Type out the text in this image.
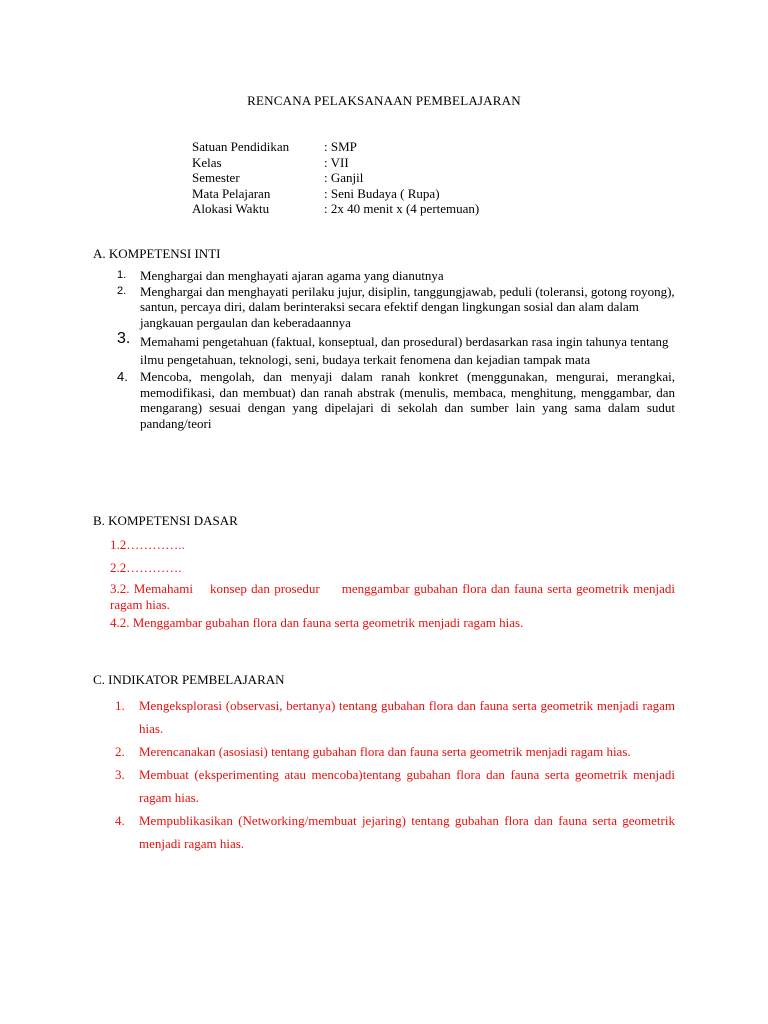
RENCANA PELAKSANAAN PEMBELAJARAN
Satuan Pendidikan	: SMP
Kelas	: VII
Semester	: Ganjil
Mata Pelajaran	: Seni Budaya ( Rupa)
Alokasi Waktu	: 2x 40 menit x (4 pertemuan)
A. KOMPETENSI INTI
1. Menghargai dan menghayati ajaran agama yang dianutnya
2. Menghargai dan menghayati perilaku jujur, disiplin, tanggungjawab, peduli (toleransi, gotong royong), santun, percaya diri, dalam berinteraksi secara efektif dengan lingkungan sosial dan alam dalam jangkauan pergaulan dan keberadaannya
3. Memahami pengetahuan (faktual, konseptual, dan prosedural) berdasarkan rasa ingin tahunya tentang ilmu pengetahuan, teknologi, seni, budaya terkait fenomena dan kejadian tampak mata
4. Mencoba, mengolah, dan menyaji dalam ranah konkret (menggunakan, mengurai, merangkai, memodifikasi, dan membuat) dan ranah abstrak (menulis, membaca, menghitung, menggambar, dan mengarang) sesuai dengan yang dipelajari di sekolah dan sumber lain yang sama dalam sudut pandang/teori
B. KOMPETENSI DASAR
1.2…………..
2.2………….
3.2. Memahami konsep dan prosedur menggambar gubahan flora dan fauna serta geometrik menjadi ragam hias.
4.2. Menggambar gubahan flora dan fauna serta geometrik menjadi ragam hias.
C. INDIKATOR PEMBELAJARAN
1. Mengeksplorasi (observasi, bertanya) tentang gubahan flora dan fauna serta geometrik menjadi ragam hias.
2. Merencanakan (asosiasi) tentang gubahan flora dan fauna serta geometrik menjadi ragam hias.
3. Membuat (eksperimenting atau mencoba)tentang gubahan flora dan fauna serta geometrik menjadi ragam hias.
4. Mempublikasikan (Networking/membuat jejaring) tentang gubahan flora dan fauna serta geometrik menjadi ragam hias.
